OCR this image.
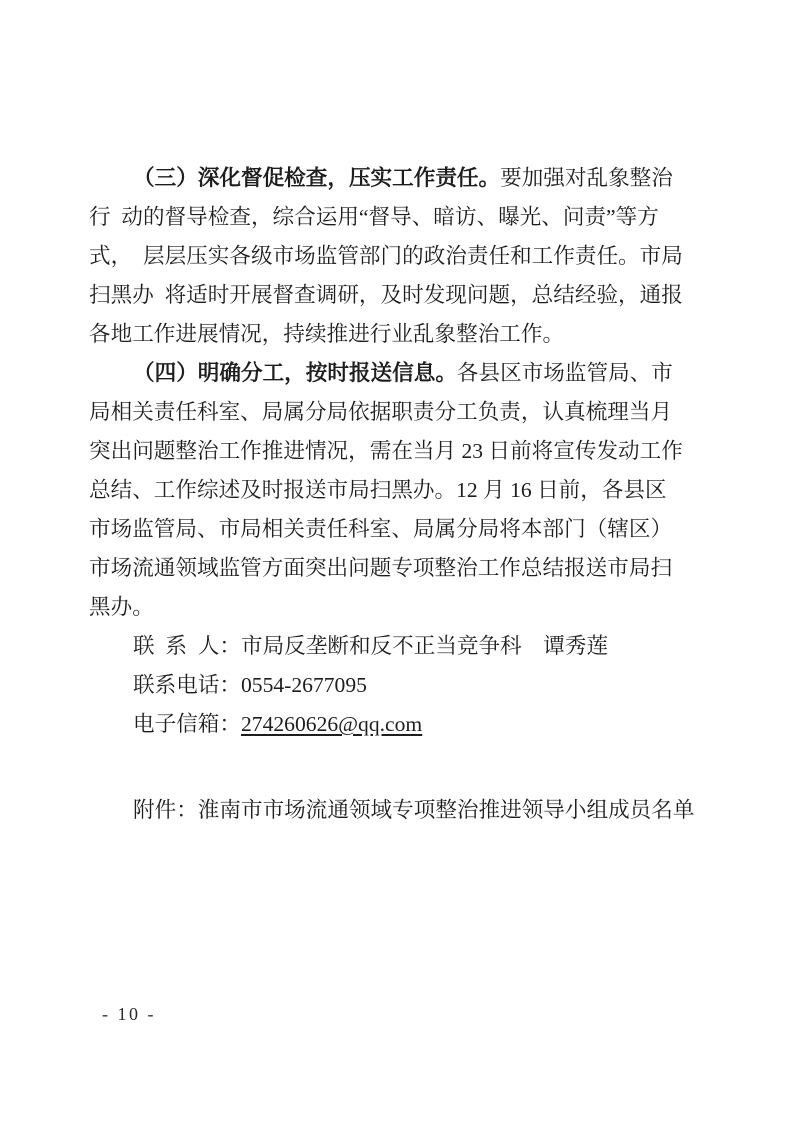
（三）深化督促检查，压实工作责任。要加强对乱象整治
行 动的督导检查，综合运用“督导、暗访、曝光、问责”等方
式， 层层压实各级市场监管部门的政治责任和工作责任。市局
扫黑办 将适时开展督查调研，及时发现问题，总结经验，通报
各地工作进展情况，持续推进行业乱象整治工作。
（四）明确分工，按时报送信息。各县区市场监管局、市
局相关责任科室、局属分局依据职责分工负责，认真梳理当月
突出问题整治工作推进情况，需在当月 23 日前将宣传发动工作
总结、工作综述及时报送市局扫黑办。12 月 16 日前，各县区
市场监管局、市局相关责任科室、局属分局将本部门（辖区）
市场流通领域监管方面突出问题专项整治工作总结报送市局扫
黑办。
联 系 人：市局反垄断和反不正当竞争科　谭秀莲
联系电话：0554-2677095
电子信箱：274260626@qq.com
附件：淮南市市场流通领域专项整治推进领导小组成员名单
- 10 -
